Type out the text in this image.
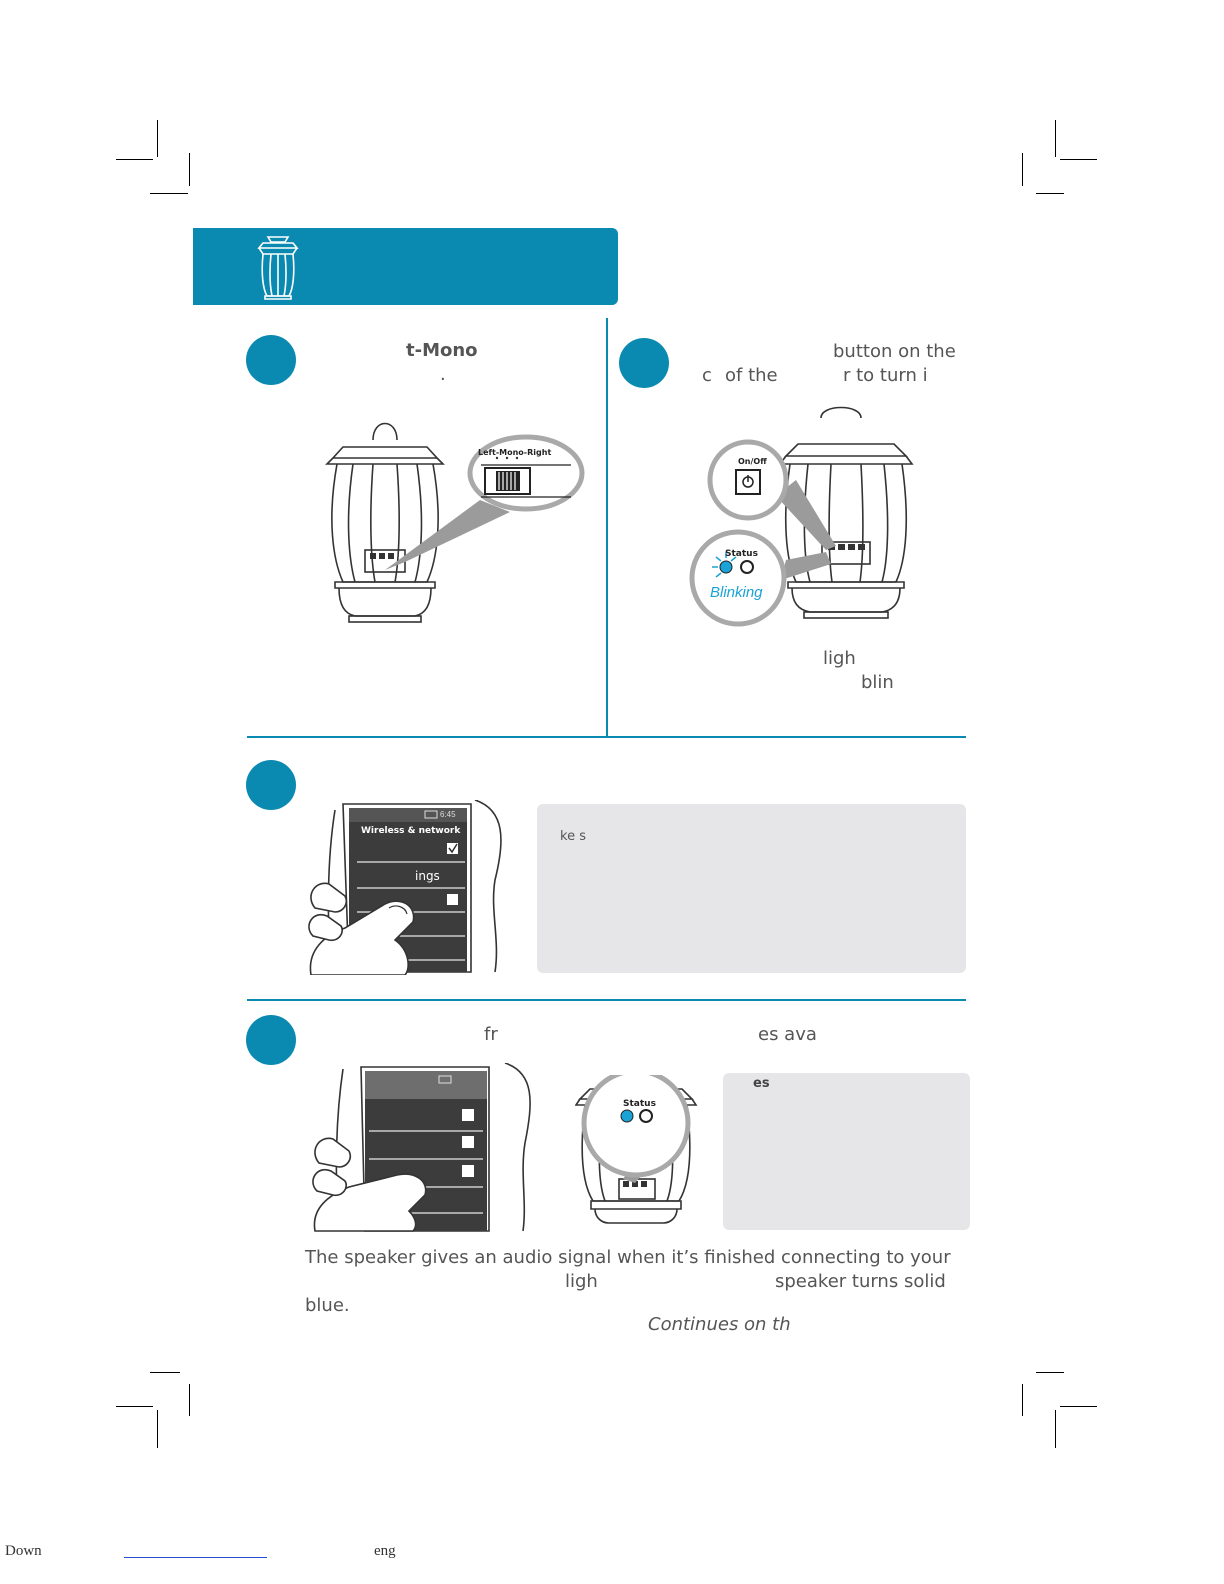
t-Mono
.
Left-Mono-Right
button on the
c of the	r to turn i
On/Off
Status
Blinking
ligh
blin
6:45
Wireless & network
ings
ke s
fr	es ava
Status
es
The speaker gives an audio signal when it’s finished connecting to your
ligh	speaker turns solid
blue.
Continues on th
Down	eng
